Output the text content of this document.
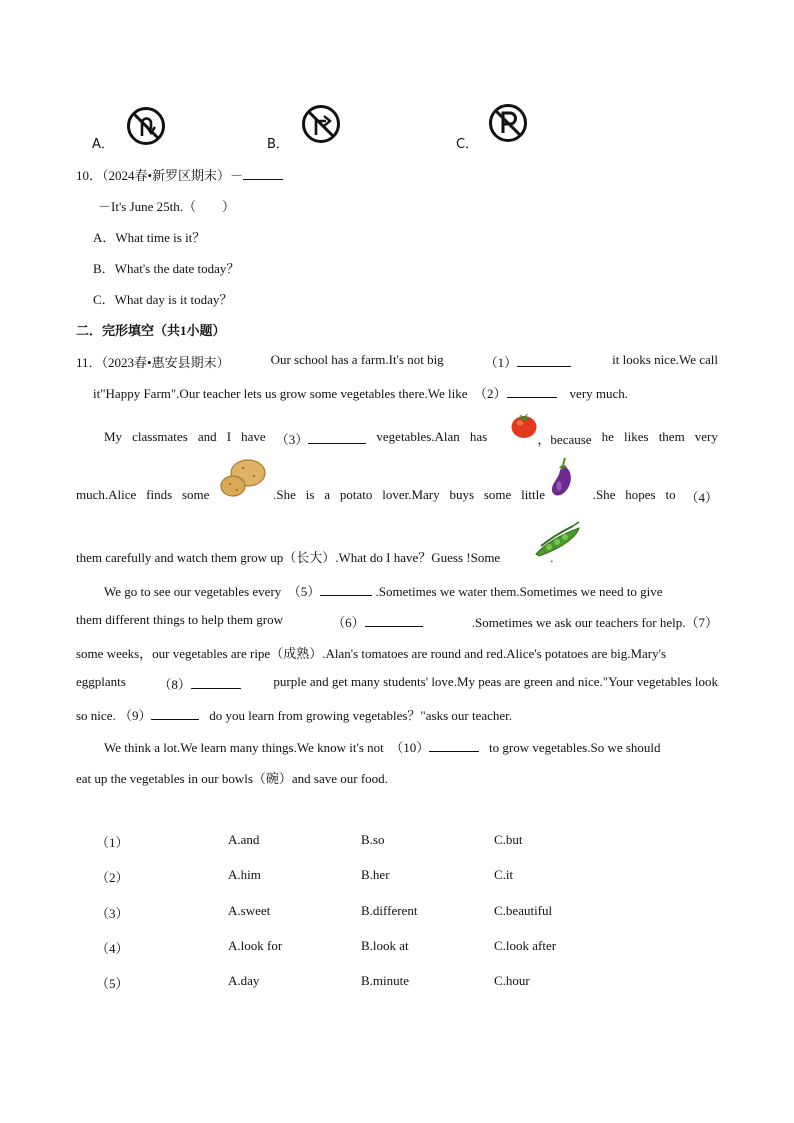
A．	B．	C．
10．（2024春•新罗区期末）－
－It's June 25th.（　　）
A．What time is it？
B．What's the date today？
C．What day is it today？
二．完形填空（共1小题）
11．（2023春•惠安县期末）	Our school has a farm.It's not big	（1）	it looks nice.We call
it"Happy Farm".Our teacher lets us grow some vegetables there.We like （2）	very much.
My classmates and I have （3）	vegetables.Alan has	，because he likes them very
much.Alice finds some	.She is a potato lover.Mary buys some little	.She hopes to （4）
them carefully and watch them grow up（长大）.What do I have？Guess !Some	.
We go to see our vegetables every （5）	.Sometimes we water them.Sometimes we need to give
them different things to help them grow	（6）	.Sometimes we ask our teachers for help.（7）
some weeks，our vegetables are ripe（成熟）.Alan's tomatoes are round and red.Alice's potatoes are big.Mary's
eggplants	（8）	purple and get many students' love.My peas are green and nice."Your vegetables look
so nice. （9）	do you learn from growing vegetables？"asks our teacher.
We think a lot.We learn many things.We know it's not （10）	to grow vegetables.So we should
eat up the vegetables in our bowls（碗）and save our food.
（1）	A.and	B.so	C.but
（2）	A.him	B.her	C.it
（3）	A.sweet	B.different	C.beautiful
（4）	A.look for	B.look at	C.look after
（5）	A.day	B.minute	C.hour
